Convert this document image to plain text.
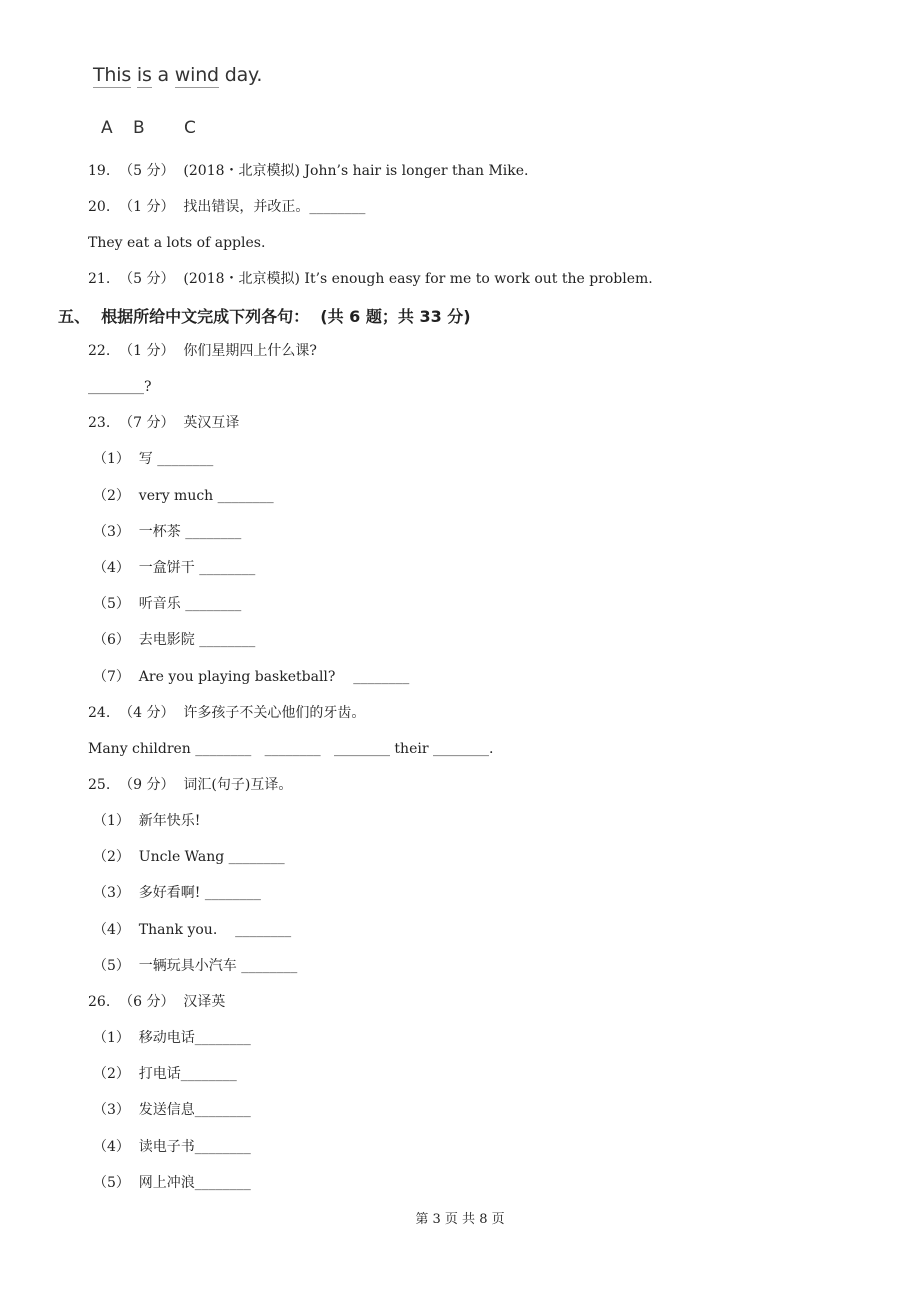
This is a wind day.
A B C
19.  （5 分）  (2018・北京模拟) John’s hair is longer than Mike.
20.  （1 分）  找出错误，并改正。________
They eat a lots of apples.
21.  （5 分）  (2018・北京模拟) It’s enough easy for me to work out the problem.
五、  根据所给中文完成下列各句：  (共 6 题；共 33 分)
22.  （1 分）  你们星期四上什么课?
________?
23.  （7 分）  英汉互译
（1）  写 ________
（2）  very much ________
（3）  一杯茶 ________
（4）  一盒饼干 ________
（5）  听音乐 ________
（6）  去电影院 ________
（7）  Are you playing basketball?    ________
24.  （4 分）  许多孩子不关心他们的牙齿。
Many children ________   ________   ________ their ________.
25.  （9 分）  词汇(句子)互译。
（1）  新年快乐!
（2）  Uncle Wang ________
（3）  多好看啊! ________
（4）  Thank you.    ________
（5）  一辆玩具小汽车 ________
26.  （6 分）  汉译英
（1）  移动电话________
（2）  打电话________
（3）  发送信息________
（4）  读电子书________
（5）  网上冲浪________
第 3 页 共 8 页
